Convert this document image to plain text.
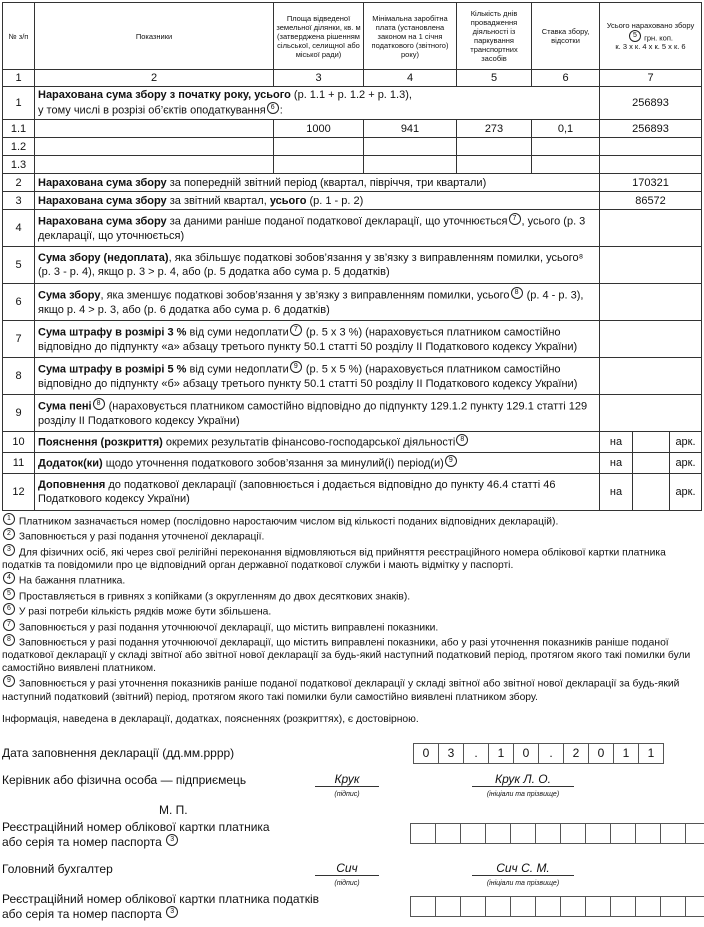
№ з/п	Показники	Площа відведеної земельної ділянки, кв. м (затверджена рішенням сільської, селищної або міської ради)	Мінімальна заробітна плата (установлена законом на 1 січня податкового (звітного) року)	Кількість днів провадження діяльності із паркування транспортних засобів	Ставка збору, відсотки	Усього нараховано збору 5 грн. коп.
к. 3 х к. 4 х к. 5 х к. 6		
1	2	3	4	5	6	7		
1	Нарахована сума збору з початку року, усього (р. 1.1 + р. 1.2 + р. 1.3),
у тому числі в розрізі об’єктів оподаткування 6 :					256893		
1.1		1000	941	273	0,1	256893		
1.2								
1.3								
2	Нарахована сума збору за попередній звітний період (квартал, півріччя, три квартали)					170321		
3	Нарахована сума збору за звітний квартал, усього (р. 1 - р. 2)					86572		
4	Нарахована сума збору за даними раніше поданої податкової декларації, що уточнюється 7 , усього (р. 3 декларації, що уточнюється)							
5	Сума збору (недоплата), яка збільшує податкові зобов’язання у зв’язку з виправленням помилки, усього⁸ (р. 3 - р. 4), якщо р. 3 > р. 4, або (р. 5 додатка або сума р. 5 додатків)							
6	Сума збору, яка зменшує податкові зобов’язання у зв’язку з виправленням помилки, усього 8 (р. 4 - р. 3), якщо р. 4 > р. 3, або (р. 6 додатка або сума р. 6 додатків)							
7	Сума штрафу в розмірі 3 % від суми недоплати 7 (р. 5 х 3 %) (нараховується платником самостійно відповідно до підпункту «а» абзацу третього пункту 50.1 статті 50 розділу II Податкового кодексу України)							
8	Сума штрафу в розмірі 5 % від суми недоплати 9 (р. 5 х 5 %) (нараховується платником самостійно відповідно до підпункту «б» абзацу третього пункту 50.1 статті 50 розділу II Податкового кодексу України)							
9	Сума пені 8 (нараховується платником самостійно відповідно до підпункту 129.1.2 пункту 129.1 статті 129 розділу II Податкового кодексу України)							
10	Пояснення (розкриття) окремих результатів фінансово-господарської діяльності 8					на		арк.
11	Додаток(ки) щодо уточнення податкового зобов’язання за минулий(і) період(и) 9					на		арк.
12	Доповнення до податкової декларації (заповнюється і додається відповідно до пункту 46.4 статті 46 Податкового кодексу України)					на		арк.

1 Платником зазначається номер (послідовно наростаючим числом від кількості поданих відповідних декларацій).

2 Заповнюється у разі подання уточненої декларації.

3 Для фізичних осіб, які через свої релігійні переконання відмовляються від прийняття реєстраційного номера облікової картки платника податків та повідомили про це відповідний орган державної податкової служби і мають відмітку у паспорті.

4 На бажання платника.

5 Проставляється в гривнях з копійками (з округленням до двох десяткових знаків).

6 У разі потреби кількість рядків може бути збільшена.

7 Заповнюється у разі подання уточнюючої декларації, що містить виправлені показники.

8 Заповнюється у разі подання уточнюючої декларації, що містить виправлені показники, або у разі уточнення показників раніше поданої податкової декларації у складі звітної або звітної нової декларації за будь-який наступний податковий період, протягом якого такі помилки були самостійно виявлені платником.

9 Заповнюється у разі уточнення показників раніше поданої податкової декларації у складі звітної або звітної нової декларації за будь-який наступний податковий (звітний) період, протягом якого такі помилки були самостійно виявлені платником збору.

Інформація, наведена в декларації, додатках, поясненнях (розкриттях), є достовірною.
Дата заповнення декларації (дд.мм.рррр)	0	3	.	1	0	.	2	0	1	1
Керівник або фізична особа — підприємець	Крук
(підпис)
Крук Л. О.
(ініціали та прізвище)
М. П.
Реєстраційний номер облікової картки платника
або серія та номер паспорта 3
Головний бухгалтер	Сич
(підпис)
Сич С. М.
(ініціали та прізвище)
Реєстраційний номер облікової картки платника податків
або серія та номер паспорта 3
